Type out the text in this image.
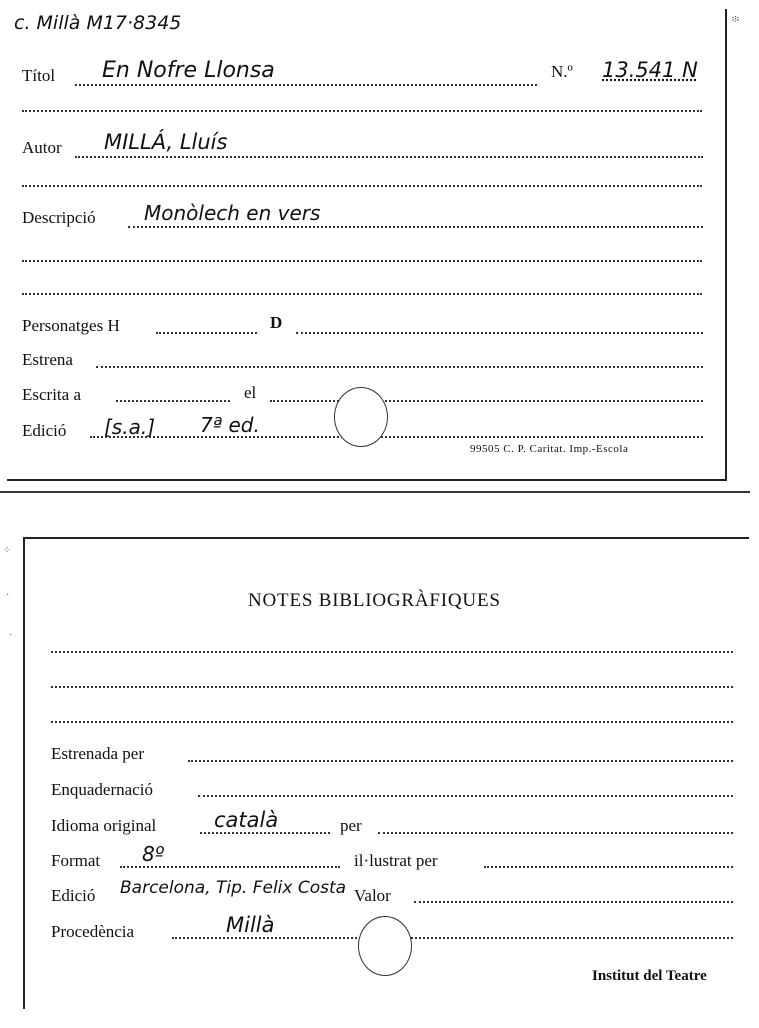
c. Millà M17·8345
Títol En Nofre Llonsa	N.º 13.541 N
Autor MILLÁ, Lluís
Descripció Monòlech en vers
Personatges H	D
Estrena
Escrita a	el
Edició [s.a.] 7ª ed.
99505 C. P. Caritat. Imp.-Escola
፨
⁘
·
·
NOTES BIBLIOGRÀFIQUES
Estrenada per
Enquadernació
Idioma original	català	per
Format 8º	il·lustrat per
Edició Barcelona, Tip. Felix Costa Valor
Procedència	Millà
Institut del Teatre
